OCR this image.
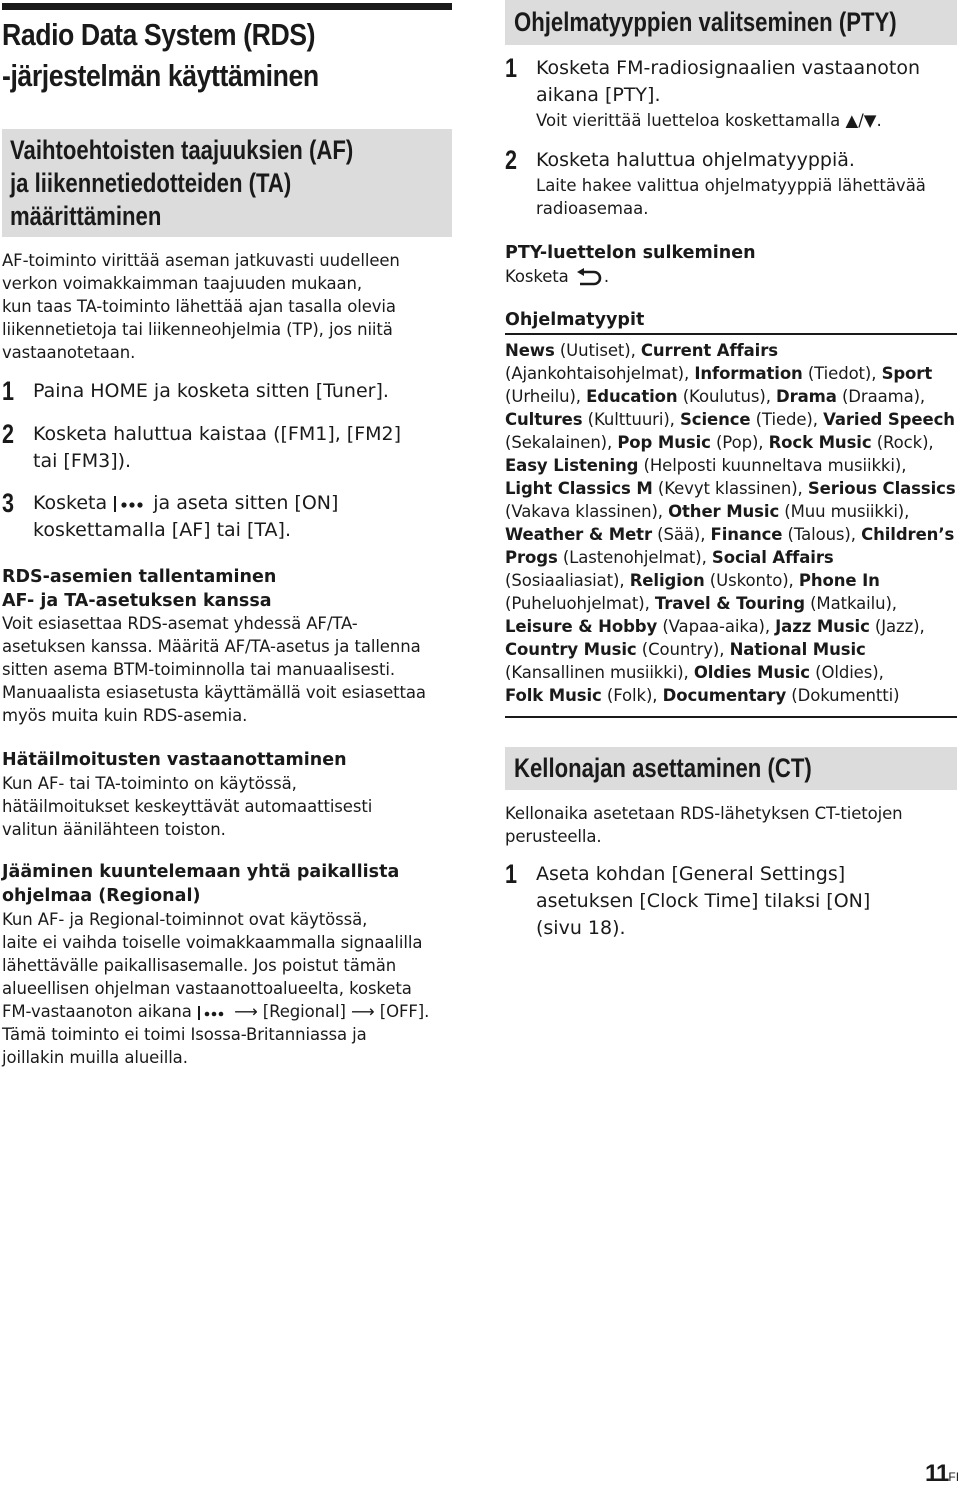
Radio Data System (RDS)
-järjestelmän käyttäminen
Vaihtoehtoisten taajuuksien (AF)
ja liikennetiedotteiden (TA)
määrittäminen
AF-toiminto virittää aseman jatkuvasti uudelleen
verkon voimakkaimman taajuuden mukaan,
kun taas TA-toiminto lähettää ajan tasalla olevia
liikennetietoja tai liikenneohjelmia (TP), jos niitä
vastaanotetaan.
1 Paina HOME ja kosketa sitten [Tuner].
2 Kosketa haluttua kaistaa ([FM1], [FM2]
tai [FM3]).
3 Kosketa ja aseta sitten [ON]
koskettamalla [AF] tai [TA].
RDS-asemien tallentaminen
AF- ja TA-asetuksen kanssa
Voit esiasettaa RDS-asemat yhdessä AF/TA-
asetuksen kanssa. Määritä AF/TA-asetus ja tallenna
sitten asema BTM-toiminnolla tai manuaalisesti.
Manuaalista esiasetusta käyttämällä voit esiasettaa
myös muita kuin RDS-asemia.
Hätäilmoitusten vastaanottaminen
Kun AF- tai TA-toiminto on käytössä,
hätäilmoitukset keskeyttävät automaattisesti
valitun äänilähteen toiston.
Jääminen kuuntelemaan yhtä paikallista
ohjelmaa (Regional)
Kun AF- ja Regional-toiminnot ovat käytössä,
laite ei vaihda toiselle voimakkaammalla signaalilla
lähettävälle paikallisasemalle. Jos poistut tämän
alueellisen ohjelman vastaanottoalueelta, kosketa
FM-vastaanoton aikana	⟶ [Regional] ⟶ [OFF].
Tämä toiminto ei toimi Isossa-Britanniassa ja
joillakin muilla alueilla.
Ohjelmatyyppien valitseminen (PTY)
1 Kosketa FM-radiosignaalien vastaanoton
aikana [PTY].
Voit vierittää luetteloa koskettamalla ▲/▼.
2 Kosketa haluttua ohjelmatyyppiä.
Laite hakee valittua ohjelmatyyppiä lähettävää
radioasemaa.
PTY-luettelon sulkeminen
Kosketa .
Ohjelmatyypit
News (Uutiset), Current Affairs
(Ajankohtaisohjelmat), Information (Tiedot), Sport
(Urheilu), Education (Koulutus), Drama (Draama),
Cultures (Kulttuuri), Science (Tiede), Varied Speech
(Sekalainen), Pop Music (Pop), Rock Music (Rock),
Easy Listening (Helposti kuunneltava musiikki),
Light Classics M (Kevyt klassinen), Serious Classics
(Vakava klassinen), Other Music (Muu musiikki),
Weather & Metr (Sää), Finance (Talous), Children’s
Progs (Lastenohjelmat), Social Affairs
(Sosiaaliasiat), Religion (Uskonto), Phone In
(Puheluohjelmat), Travel & Touring (Matkailu),
Leisure & Hobby (Vapaa-aika), Jazz Music (Jazz),
Country Music (Country), National Music
(Kansallinen musiikki), Oldies Music (Oldies),
Folk Music (Folk), Documentary (Dokumentti)
Kellonajan asettaminen (CT)
Kellonaika asetetaan RDS-lähetyksen CT-tietojen
perusteella.
1 Aseta kohdan [General Settings]
asetuksen [Clock Time] tilaksi [ON]
(sivu 18).
11FI
